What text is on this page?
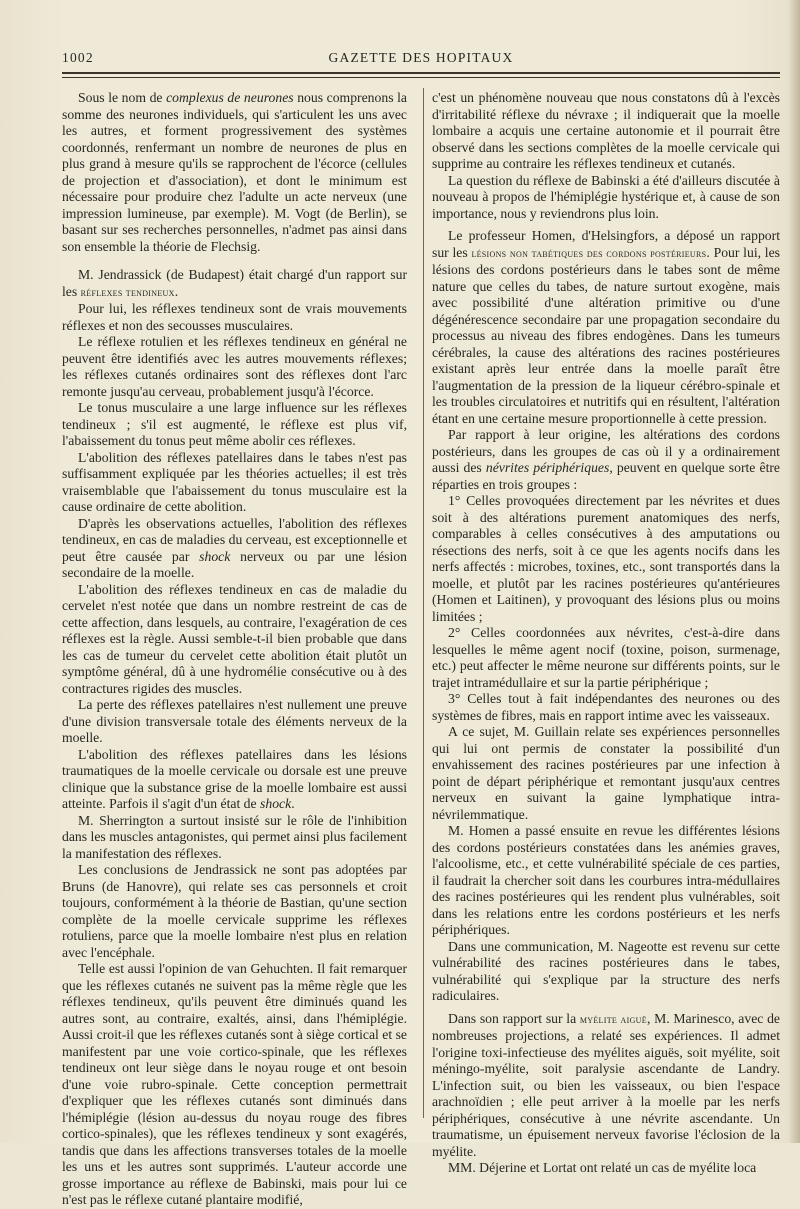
1002	GAZETTE DES HOPITAUX

Sous le nom de complexus de neurones nous comprenons la somme des neurones individuels, qui s'articulent les uns avec les autres, et forment progressivement des systèmes coordonnés, renfermant un nombre de neurones de plus en plus grand à mesure qu'ils se rapprochent de l'écorce (cellules de projection et d'association), et dont le minimum est nécessaire pour produire chez l'adulte un acte nerveux (une impression lumineuse, par exemple). M. Vogt (de Berlin), se basant sur ses recherches personnelles, n'admet pas ainsi dans son ensemble la théorie de Flechsig.

M. Jendrassick (de Budapest) était chargé d'un rapport sur les réflexes tendineux.

Pour lui, les réflexes tendineux sont de vrais mouvements réflexes et non des secousses musculaires.

Le réflexe rotulien et les réflexes tendineux en général ne peuvent être identifiés avec les autres mouvements réflexes; les réflexes cutanés ordinaires sont des réflexes dont l'arc remonte jusqu'au cerveau, probablement jusqu'à l'écorce.

Le tonus musculaire a une large influence sur les réflexes tendineux ; s'il est augmenté, le réflexe est plus vif, l'abaissement du tonus peut même abolir ces réflexes.

L'abolition des réflexes patellaires dans le tabes n'est pas suffisamment expliquée par les théories actuelles; il est très vraisemblable que l'abaissement du tonus musculaire est la cause ordinaire de cette abolition.

D'après les observations actuelles, l'abolition des réflexes tendineux, en cas de maladies du cerveau, est exceptionnelle et peut être causée par shock nerveux ou par une lésion secondaire de la moelle.

L'abolition des réflexes tendineux en cas de maladie du cervelet n'est notée que dans un nombre restreint de cas de cette affection, dans lesquels, au contraire, l'exagération de ces réflexes est la règle. Aussi semble-t-il bien probable que dans les cas de tumeur du cervelet cette abolition était plutôt un symptôme général, dû à une hydromélie consécutive ou à des contractures rigides des muscles.

La perte des réflexes patellaires n'est nullement une preuve d'une division transversale totale des éléments nerveux de la moelle.

L'abolition des réflexes patellaires dans les lésions traumatiques de la moelle cervicale ou dorsale est une preuve clinique que la substance grise de la moelle lombaire est aussi atteinte. Parfois il s'agit d'un état de shock.

M. Sherrington a surtout insisté sur le rôle de l'inhibition dans les muscles antagonistes, qui permet ainsi plus facilement la manifestation des réflexes.

Les conclusions de Jendrassick ne sont pas adoptées par Bruns (de Hanovre), qui relate ses cas personnels et croit toujours, conformément à la théorie de Bastian, qu'une section complète de la moelle cervicale supprime les réflexes rotuliens, parce que la moelle lombaire n'est plus en relation avec l'encéphale.

Telle est aussi l'opinion de van Gehuchten. Il fait remarquer que les réflexes cutanés ne suivent pas la même règle que les réflexes tendineux, qu'ils peuvent être diminués quand les autres sont, au contraire, exaltés, ainsi, dans l'hémiplégie. Aussi croit-il que les réflexes cutanés sont à siège cortical et se manifestent par une voie cortico-spinale, que les réflexes tendineux ont leur siège dans le noyau rouge et ont besoin d'une voie rubro-spinale. Cette conception permettrait d'expliquer que les réflexes cutanés sont diminués dans l'hémiplégie (lésion au-dessus du noyau rouge des fibres cortico-spinales), que les réflexes tendineux y sont exagérés, tandis que dans les affections transverses totales de la moelle les uns et les autres sont supprimés. L'auteur accorde une grosse importance au réflexe de Babinski, mais pour lui ce n'est pas le réflexe cutané plantaire modifié,

c'est un phénomène nouveau que nous constatons dû à l'excès d'irritabilité réflexe du névraxe ; il indiquerait que la moelle lombaire a acquis une certaine autonomie et il pourrait être observé dans les sections complètes de la moelle cervicale qui supprime au contraire les réflexes tendineux et cutanés.

La question du réflexe de Babinski a été d'ailleurs discutée à nouveau à propos de l'hémiplégie hystérique et, à cause de son importance, nous y reviendrons plus loin.

Le professeur Homen, d'Helsingfors, a déposé un rapport sur les lésions non tabétiques des cordons postérieurs. Pour lui, les lésions des cordons postérieurs dans le tabes sont de même nature que celles du tabes, de nature surtout exogène, mais avec possibilité d'une altération primitive ou d'une dégénérescence secondaire par une propagation secondaire du processus au niveau des fibres endogènes. Dans les tumeurs cérébrales, la cause des altérations des racines postérieures existant après leur entrée dans la moelle paraît être l'augmentation de la pression de la liqueur cérébro-spinale et les troubles circulatoires et nutritifs qui en résultent, l'altération étant en une certaine mesure proportionnelle à cette pression.

Par rapport à leur origine, les altérations des cordons postérieurs, dans les groupes de cas où il y a ordinairement aussi des névrites périphériques, peuvent en quelque sorte être réparties en trois groupes :

1° Celles provoquées directement par les névrites et dues soit à des altérations purement anatomiques des nerfs, comparables à celles consécutives à des amputations ou résections des nerfs, soit à ce que les agents nocifs dans les nerfs affectés : microbes, toxines, etc., sont transportés dans la moelle, et plutôt par les racines postérieures qu'antérieures (Homen et Laitinen), y provoquant des lésions plus ou moins limitées ;

2° Celles coordonnées aux névrites, c'est-à-dire dans lesquelles le même agent nocif (toxine, poison, surmenage, etc.) peut affecter le même neurone sur différents points, sur le trajet intramédullaire et sur la partie périphérique ;

3° Celles tout à fait indépendantes des neurones ou des systèmes de fibres, mais en rapport intime avec les vaisseaux.

A ce sujet, M. Guillain relate ses expériences personnelles qui lui ont permis de constater la possibilité d'un envahissement des racines postérieures par une infection à point de départ périphérique et remontant jusqu'aux centres nerveux en suivant la gaine lymphatique intra-névrilemmatique.

M. Homen a passé ensuite en revue les différentes lésions des cordons postérieurs constatées dans les anémies graves, l'alcoolisme, etc., et cette vulnérabilité spéciale de ces parties, il faudrait la chercher soit dans les courbures intra-médullaires des racines postérieures qui les rendent plus vulnérables, soit dans les relations entre les cordons postérieurs et les nerfs périphériques.

Dans une communication, M. Nageotte est revenu sur cette vulnérabilité des racines postérieures dans le tabes, vulnérabilité qui s'explique par la structure des nerfs radiculaires.

Dans son rapport sur la myélite aiguë, M. Marinesco, avec de nombreuses projections, a relaté ses expériences. Il admet l'origine toxi-infectieuse des myélites aiguës, soit myélite, soit méningo-myélite, soit paralysie ascendante de Landry. L'infection suit, ou bien les vaisseaux, ou bien l'espace arachnoïdien ; elle peut arriver à la moelle par les nerfs périphériques, consécutive à une névrite ascendante. Un traumatisme, un épuisement nerveux favorise l'éclosion de la myélite.

MM. Déjerine et Lortat ont relaté un cas de myélite loca
